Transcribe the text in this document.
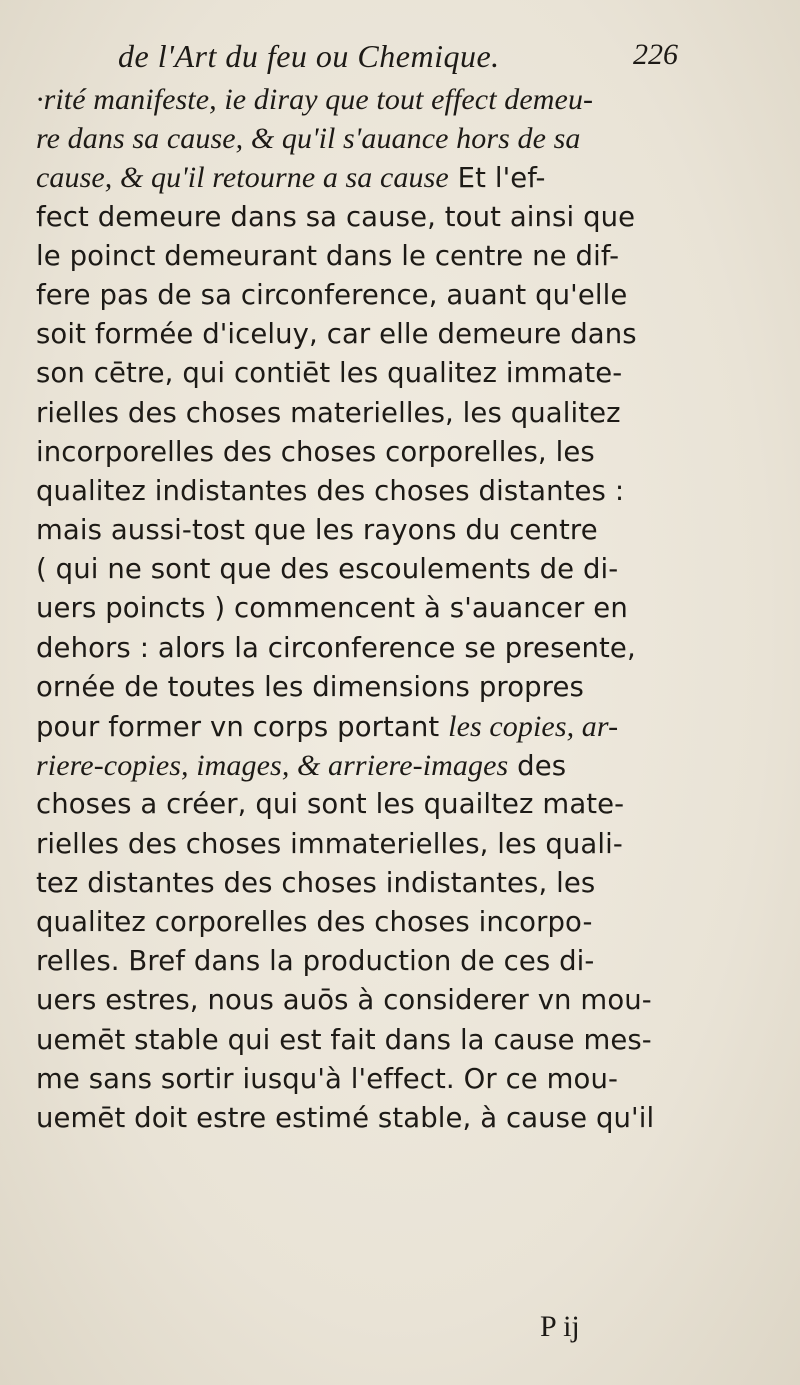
de l'Art du feu ou Chemique.	226
·rité manifeste, ie diray que tout effect demeu-
re dans sa cause, & qu'il s'auance hors de sa
cause, & qu'il retourne a sa cause Et l'ef-
fect demeure dans sa cause, tout ainsi que
le poinct demeurant dans le centre ne dif-
fere pas de sa circonference, auant qu'elle
soit formée d'iceluy, car elle demeure dans
son cētre, qui contiēt les qualitez immate-
rielles des choses materielles, les qualitez
incorporelles des choses corporelles, les
qualitez indistantes des choses distantes :
mais aussi-tost que les rayons du centre
( qui ne sont que des escoulements de di-
uers poincts ) commencent à s'auancer en
dehors : alors la circonference se presente,
ornée de toutes les dimensions propres
pour former vn corps portant les copies, ar-
riere-copies, images, & arriere-images des
choses a créer, qui sont les quailtez mate-
rielles des choses immaterielles, les quali-
tez distantes des choses indistantes, les
qualitez corporelles des choses incorpo-
relles. Bref dans la production de ces di-
uers estres, nous auōs à considerer vn mou-
uemēt stable qui est fait dans la cause mes-
me sans sortir iusqu'à l'effect. Or ce mou-
uemēt doit estre estimé stable, à cause qu'il
P ij
